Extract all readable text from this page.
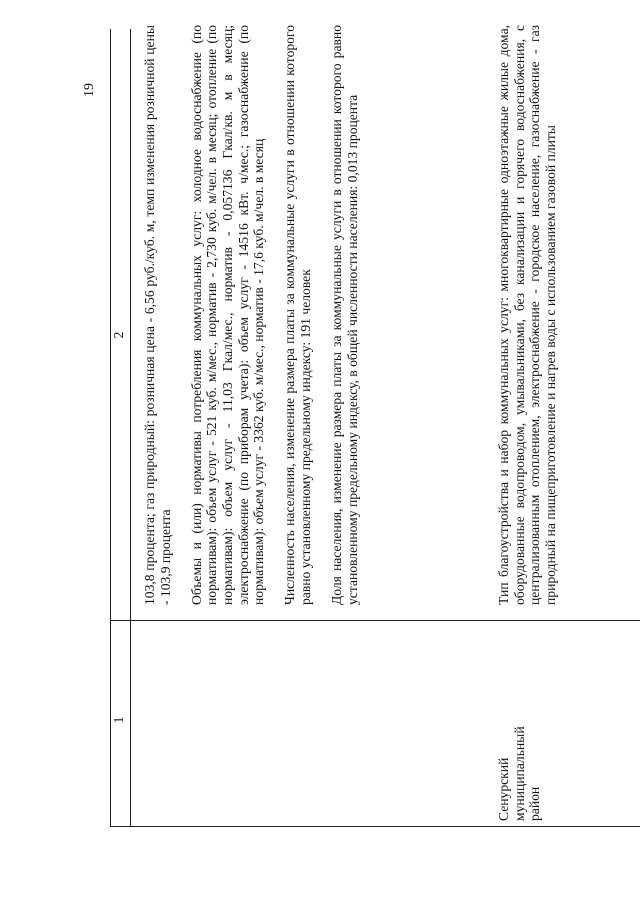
19
1
2 103,8 процента; газ природный: розничная цена - 6,56 руб./куб. м, темп изменения розничной цены - 103,9 процента Объемы и (или) нормативы потребления коммунальных услуг: холодное водоснабжение (по нормативам): объем услуг - 521 куб. м/мес., норматив - 2,730 куб. м/чел. в месяц; отопление (по нормативам): объем услуг - 11,03 Гкал/мес., норматив - 0,057136 Гкал/кв. м в месяц; электроснабжение (по приборам учета): объем услуг - 14516 кВт. ч/мес.; газоснабжение (по нормативам): объем услуг - 3362 куб. м/мес., норматив - 17,6 куб. м/чел. в месяц Численность населения, изменение размера платы за коммунальные услуги в отношении которого равно установленному предельному индексу: 191 человек Доля населения, изменение размера платы за коммунальные услуги в отношении которого равно установленному предельному индексу, в общей численности населения: 0,013 процента

Сенурский муниципальный район

Тип благоустройства и набор коммунальных услуг: многоквартирные одноэтажные жилые дома, оборудованные водопроводом, умывальниками, без канализации и горячего водоснабжения, с централизованным отоплением, электроснабжение - городское население, газоснабжение - газ природный на пищеприготовление и нагрев воды с использованием газовой плиты
